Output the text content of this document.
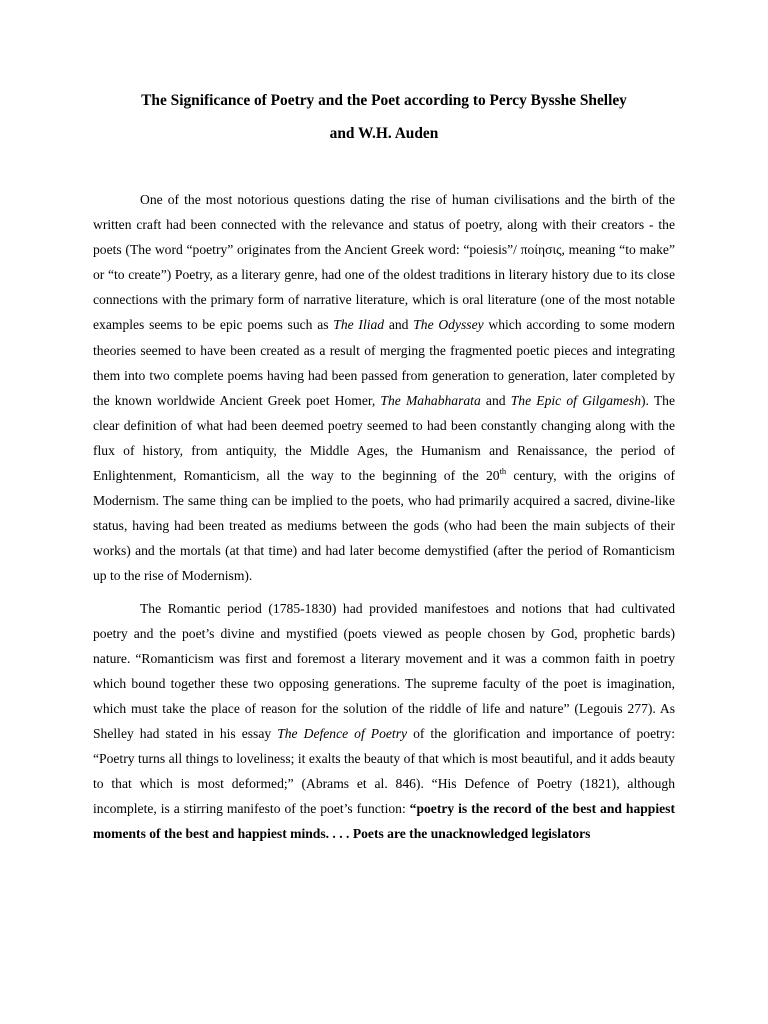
The Significance of Poetry and the Poet according to Percy Bysshe Shelley
and W.H. Auden

One of the most notorious questions dating the rise of human civilisations and the birth of the written craft had been connected with the relevance and status of poetry, along with their creators - the poets (The word “poetry” originates from the Ancient Greek word: “poiesis”/ ποίησις, meaning “to make” or “to create”) Poetry, as a literary genre, had one of the oldest traditions in literary history due to its close connections with the primary form of narrative literature, which is oral literature (one of the most notable examples seems to be epic poems such as The Iliad and The Odyssey which according to some modern theories seemed to have been created as a result of merging the fragmented poetic pieces and integrating them into two complete poems having had been passed from generation to generation, later completed by the known worldwide Ancient Greek poet Homer, The Mahabharata and The Epic of Gilgamesh). The clear definition of what had been deemed poetry seemed to had been constantly changing along with the flux of history, from antiquity, the Middle Ages, the Humanism and Renaissance, the period of Enlightenment, Romanticism, all the way to the beginning of the 20th century, with the origins of Modernism. The same thing can be implied to the poets, who had primarily acquired a sacred, divine-like status, having had been treated as mediums between the gods (who had been the main subjects of their works) and the mortals (at that time) and had later become demystified (after the period of Romanticism up to the rise of Modernism).

The Romantic period (1785-1830) had provided manifestoes and notions that had cultivated poetry and the poet’s divine and mystified (poets viewed as people chosen by God, prophetic bards) nature. “Romanticism was first and foremost a literary movement and it was a common faith in poetry which bound together these two opposing generations. The supreme faculty of the poet is imagination, which must take the place of reason for the solution of the riddle of life and nature” (Legouis 277). As Shelley had stated in his essay The Defence of Poetry of the glorification and importance of poetry: “Poetry turns all things to loveliness; it exalts the beauty of that which is most beautiful, and it adds beauty to that which is most deformed;” (Abrams et al. 846). “His Defence of Poetry (1821), although incomplete, is a stirring manifesto of the poet’s function: “poetry is the record of the best and happiest moments of the best and happiest minds. . . . Poets are the unacknowledged legislators
